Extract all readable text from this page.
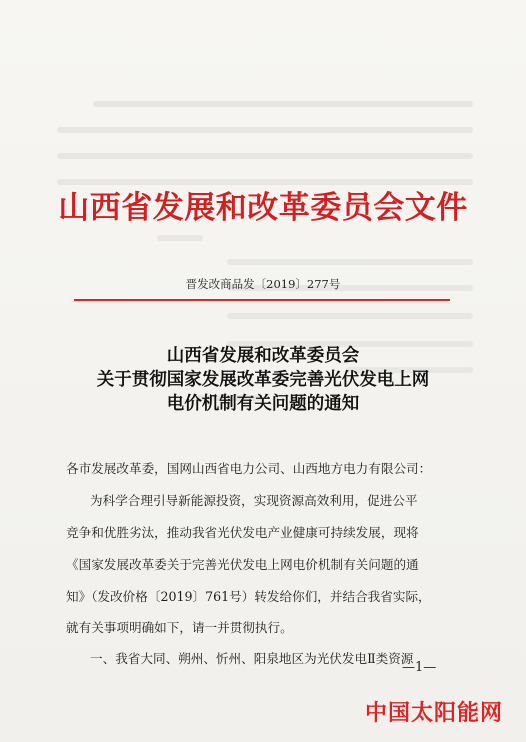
山西省发展和改革委员会文件
晋发改商品发〔2019〕277号
山西省发展和改革委员会
关于贯彻国家发展改革委完善光伏发电上网
电价机制有关问题的通知
各市发展改革委，国网山西省电力公司、山西地方电力有限公司：
为科学合理引导新能源投资，实现资源高效利用，促进公平
竞争和优胜劣汰，推动我省光伏发电产业健康可持续发展，现将
《国家发展改革委关于完善光伏发电上网电价机制有关问题的通
知》（发改价格〔2019〕761号）转发给你们，并结合我省实际，
就有关事项明确如下，请一并贯彻执行。
一、我省大同、朔州、忻州、阳泉地区为光伏发电Ⅱ类资源
—1—
中国太阳能网
